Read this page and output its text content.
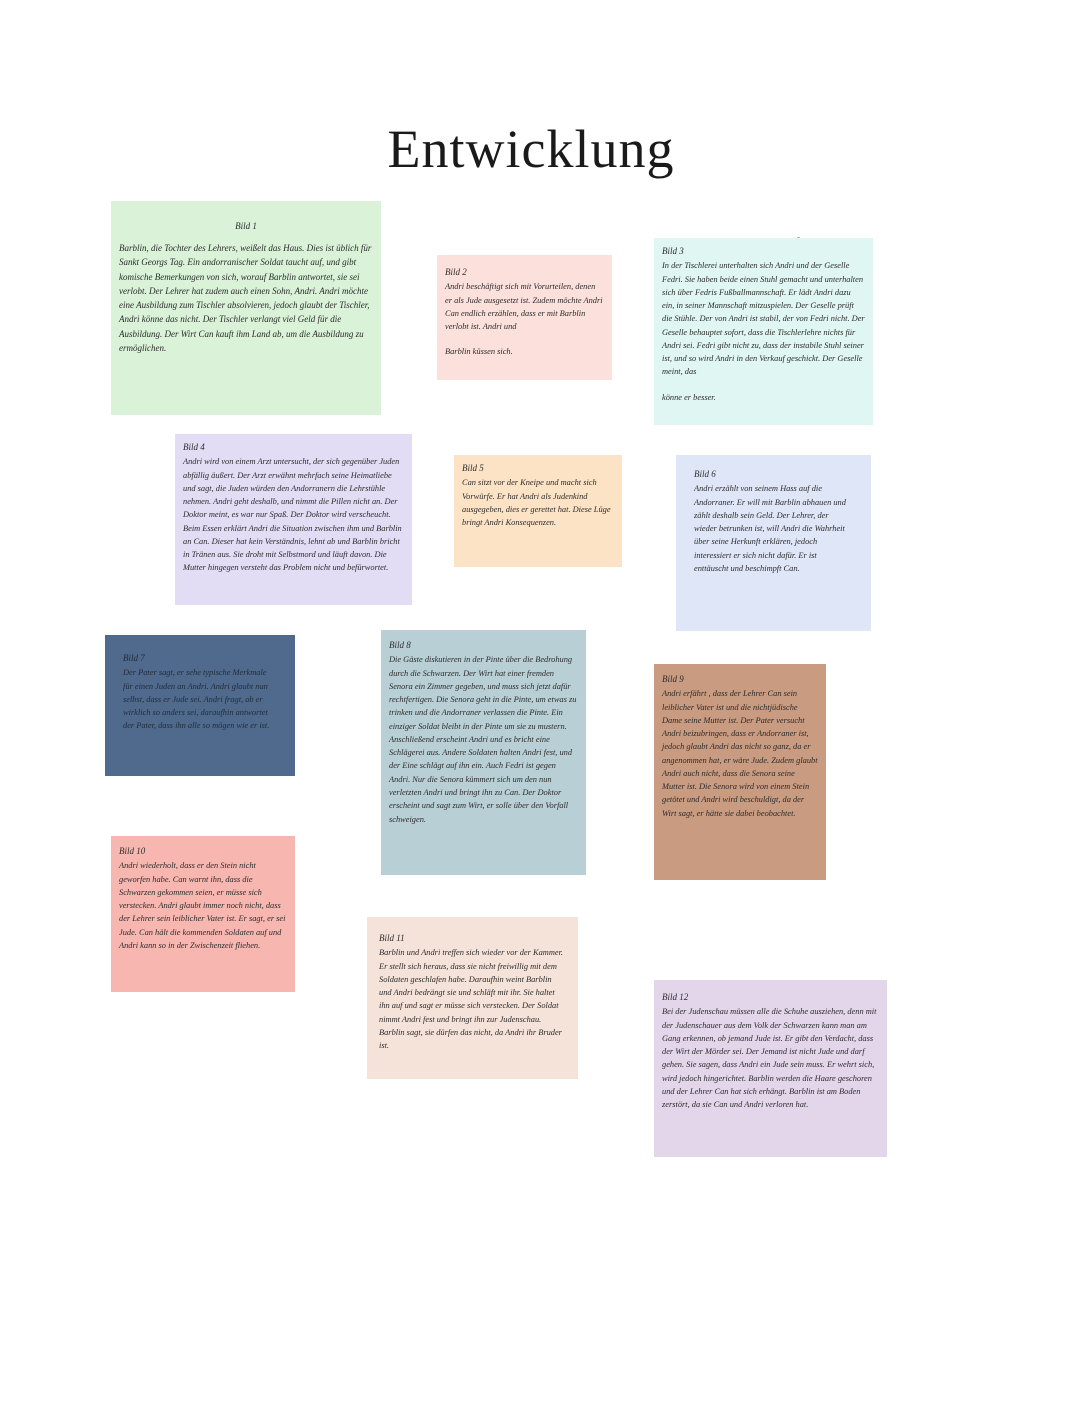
Entwicklung
Bild 1

Barblin, die Tochter des Lehrers, weißelt das Haus. Dies ist üblich für Sankt Georgs Tag. Ein andorranischer Soldat taucht auf, und gibt komische Bemerkungen von sich, worauf Barblin antwortet, sie sei verlobt. Der Lehrer hat zudem auch einen Sohn, Andri. Andri möchte eine Ausbildung zum Tischler absolvieren, jedoch glaubt der Tischler, Andri könne das nicht. Der Tischler verlangt viel Geld für die Ausbildung. Der Wirt Can kauft ihm Land ab, um die Ausbildung zu ermöglichen.

Bild 2

Andri beschäftigt sich mit Vorurteilen, denen er als Jude ausgesetzt ist. Zudem möchte Andri Can endlich erzählen, dass er mit Barblin verlobt ist. Andri und

Barblin küssen sich.

Bild 3

In der Tischlerei unterhalten sich Andri und der Geselle Fedri. Sie haben beide einen Stuhl gemacht und unterhalten sich über Fedris Fußballmannschaft. Er lädt Andri dazu ein, in seiner Mannschaft mitzuspielen. Der Geselle prüft die Stühle. Der von Andri ist stabil, der von Fedri nicht. Der Geselle behauptet sofort, dass die Tischlerlehre nichts für Andri sei. Fedri gibt nicht zu, dass der instabile Stuhl seiner ist, und so wird Andri in den Verkauf geschickt. Der Geselle meint, das

könne er besser.

Bild 4

Andri wird von einem Arzt untersucht, der sich gegenüber Juden abfällig äußert. Der Arzt erwähnt mehrfach seine Heimatliebe und sagt, die Juden würden den Andorranern die Lehrstühle nehmen. Andri geht deshalb, und nimmt die Pillen nicht an. Der Doktor meint, es war nur Spaß. Der Doktor wird verscheucht. Beim Essen erklärt Andri die Situation zwischen ihm und Barblin an Can. Dieser hat kein Verständnis, lehnt ab und Barblin bricht in Tränen aus. Sie droht mit Selbstmord und läuft davon. Die Mutter hingegen versteht das Problem nicht und befürwortet.

Bild 5

Can sitzt vor der Kneipe und macht sich Vorwürfe. Er hat Andri als Judenkind ausgegeben, dies er gerettet hat. Diese Lüge bringt Andri Konsequenzen.

Bild 6

Andri erzählt von seinem Hass auf die Andorraner. Er will mit Barblin abhauen und zählt deshalb sein Geld. Der Lehrer, der wieder betrunken ist, will Andri die Wahrheit über seine Herkunft erklären, jedoch interessiert er sich nicht dafür. Er ist enttäuscht und beschimpft Can.

Bild 7

Der Pater sagt, er sehe typische Merkmale für einen Juden an Andri. Andri glaubt nun selbst, dass er Jude sei. Andri fragt, ob er wirklich so anders sei, daraufhin antwortet der Pater, dass ihn alle so mögen wie er ist.

Bild 8

Die Gäste diskutieren in der Pinte über die Bedrohung durch die Schwarzen. Der Wirt hat einer fremden Senora ein Zimmer gegeben, und muss sich jetzt dafür rechtfertigen. Die Senora geht in die Pinte, um etwas zu trinken und die Andorraner verlassen die Pinte. Ein einziger Soldat bleibt in der Pinte um sie zu mustern. Anschließend erscheint Andri und es bricht eine Schlägerei aus. Andere Soldaten halten Andri fest, und der Eine schlägt auf ihn ein. Auch Fedri ist gegen Andri. Nur die Senora kümmert sich um den nun verletzten Andri und bringt ihn zu Can. Der Doktor erscheint und sagt zum Wirt, er solle über den Vorfall schweigen.

Bild 9

Andri erfährt , dass der Lehrer Can sein leiblicher Vater ist und die nichtjüdische Dame seine Mutter ist. Der Pater versucht Andri beizubringen, dass er Andorraner ist, jedoch glaubt Andri das nicht so ganz, da er angenommen hat, er wäre Jude. Zudem glaubt Andri auch nicht, dass die Senora seine Mutter ist. Die Senora wird von einem Stein getötet und Andri wird beschuldigt, da der Wirt sagt, er hätte sie dabei beobachtet.

Bild 10

Andri wiederholt, dass er den Stein nicht geworfen habe. Can warnt ihn, dass die Schwarzen gekommen seien, er müsse sich verstecken. Andri glaubt immer noch nicht, dass der Lehrer sein leiblicher Vater ist. Er sagt, er sei Jude. Can hält die kommenden Soldaten auf und Andri kann so in der Zwischenzeit fliehen.

Bild 11

Barblin und Andri treffen sich wieder vor der Kammer. Er stellt sich heraus, dass sie nicht freiwillig mit dem Soldaten geschlafen habe. Daraufhin weint Barblin und Andri bedrängt sie und schläft mit ihr. Sie haltet ihn auf und sagt er müsse sich verstecken. Der Soldat nimmt Andri fest und bringt ihn zur Judenschau. Barblin sagt, sie dürfen das nicht, da Andri ihr Bruder ist.

Bild 12

Bei der Judenschau müssen alle die Schuhe ausziehen, denn mit der Judenschauer aus dem Volk der Schwarzen kann man am Gang erkennen, ob jemand Jude ist. Er gibt den Verdacht, dass der Wirt der Mörder sei. Der Jemand ist nicht Jude und darf gehen. Sie sagen, dass Andri ein Jude sein muss. Er wehrt sich, wird jedoch hingerichtet. Barblin werden die Haare geschoren und der Lehrer Can hat sich erhängt. Barblin ist am Boden zerstört, da sie Can und Andri verloren hat.
